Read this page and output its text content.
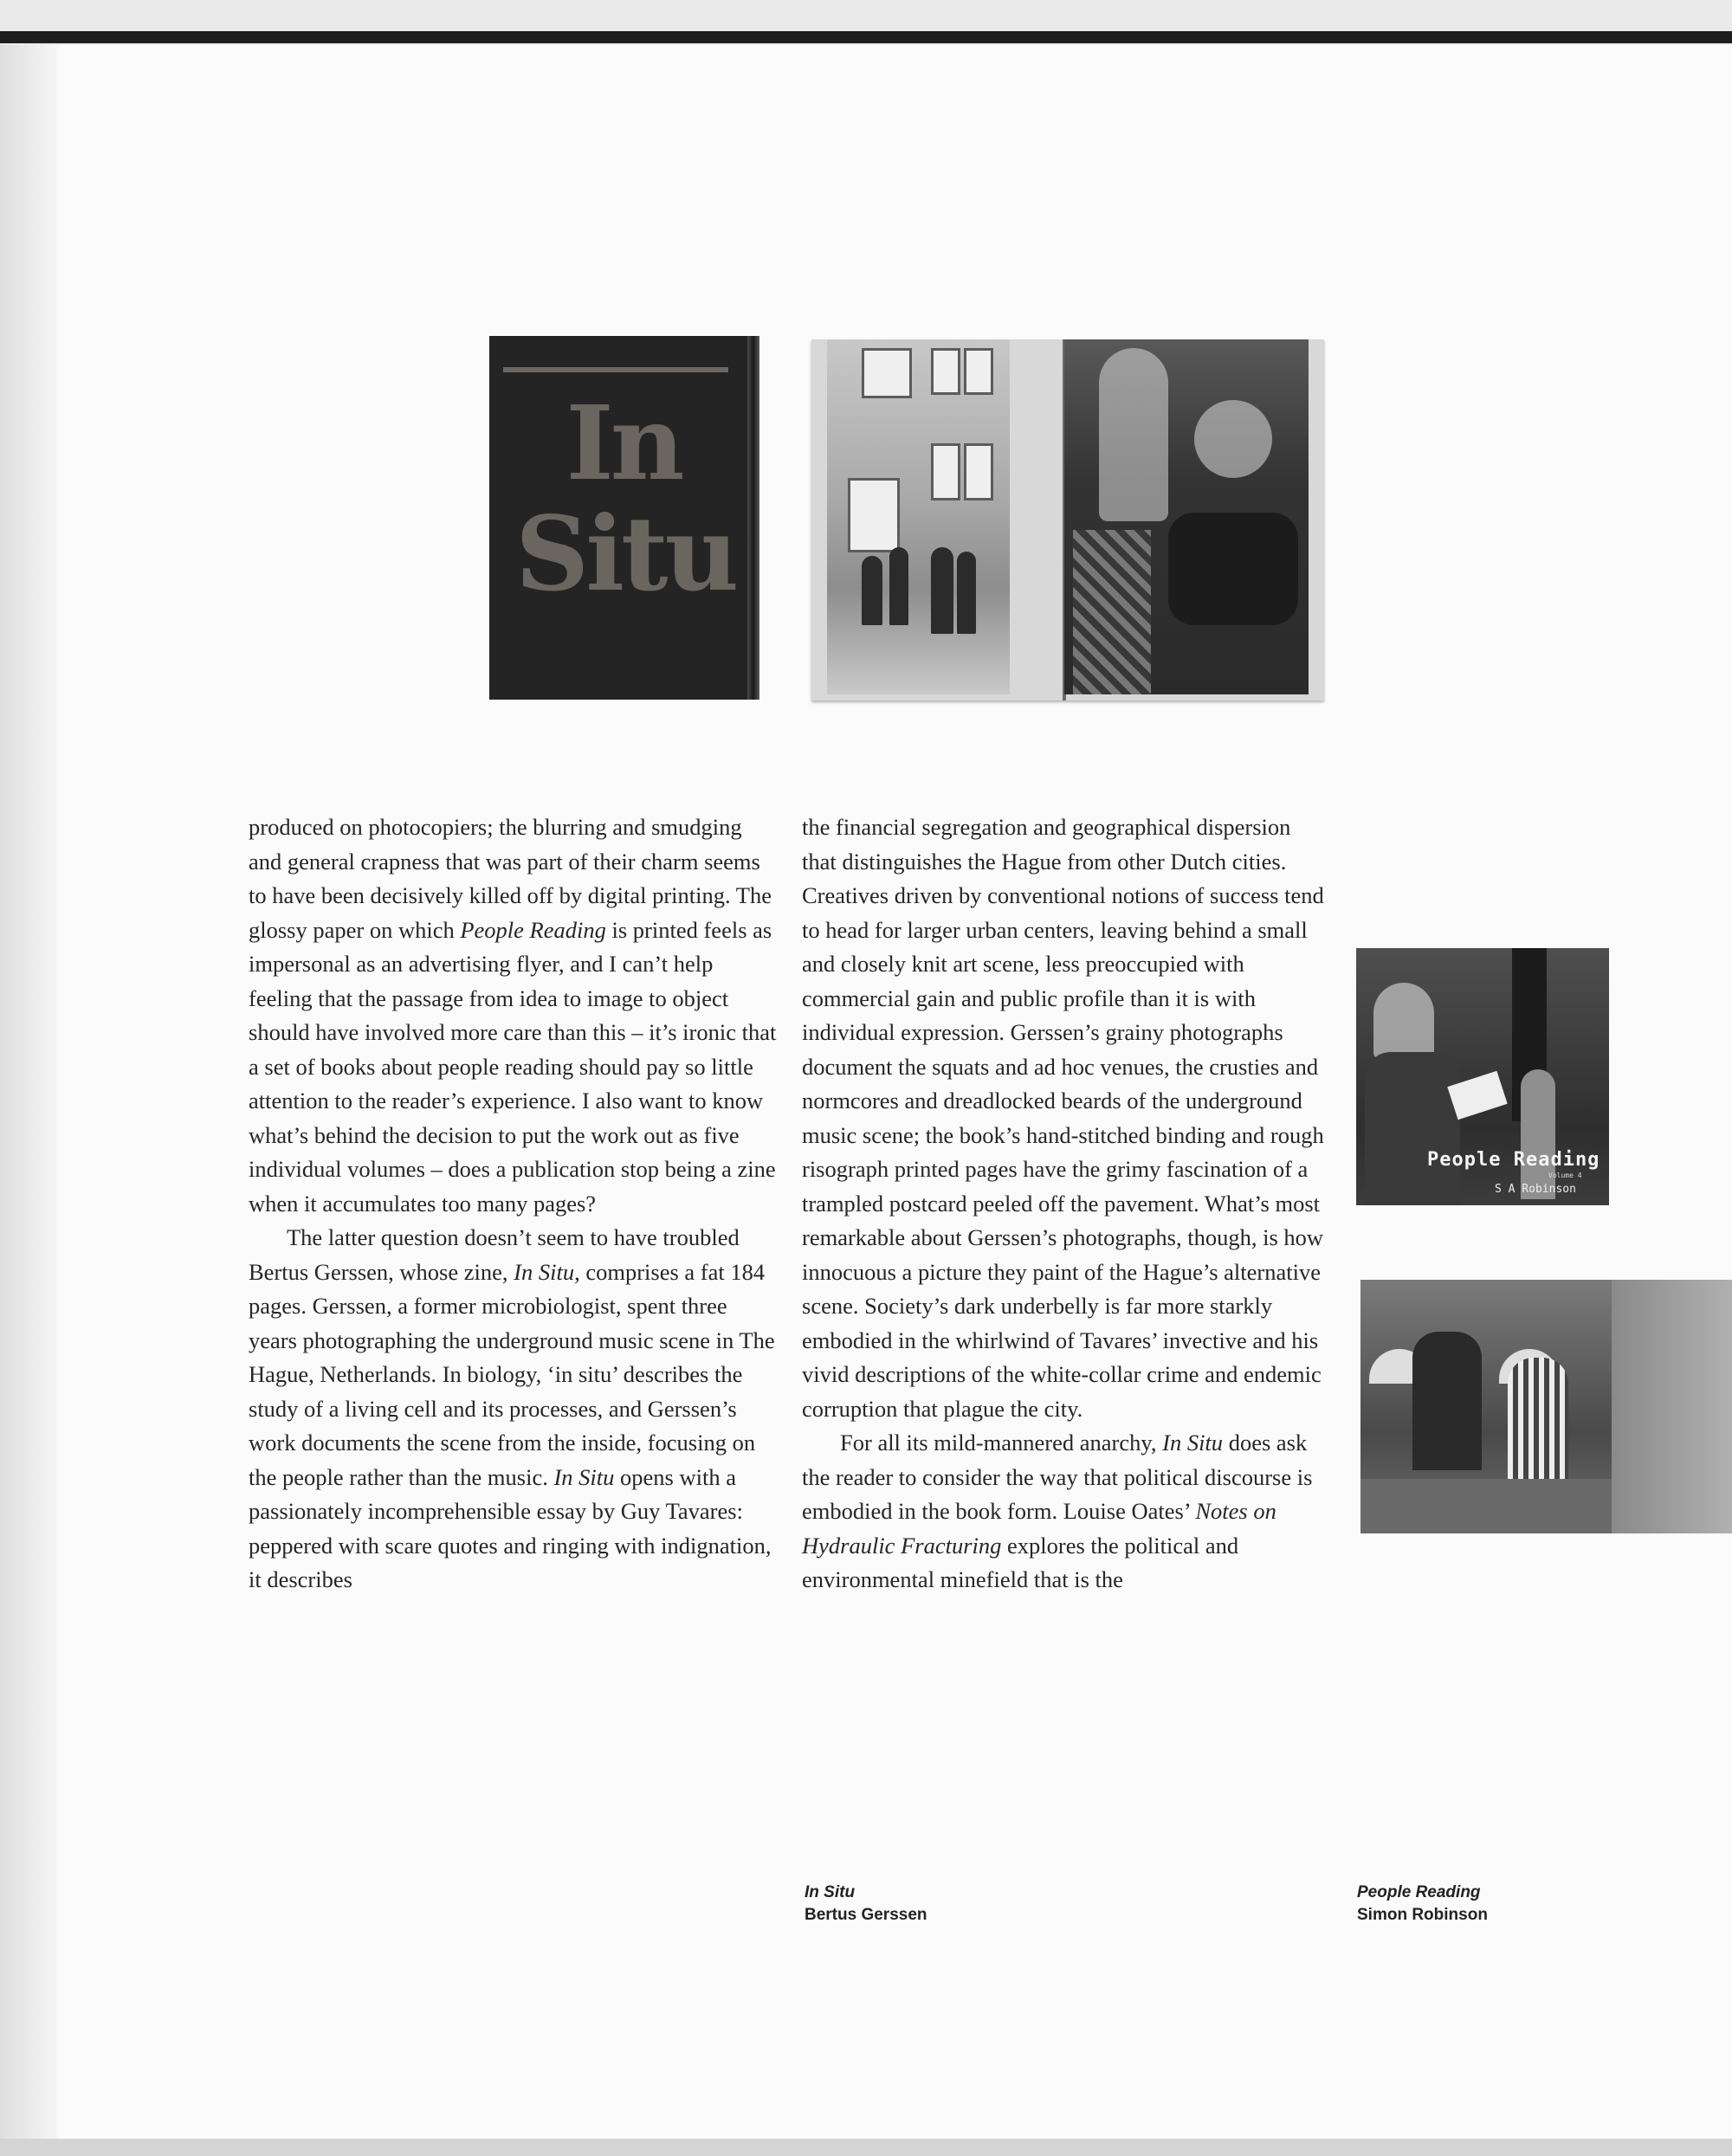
In
Situ
People Reading
Volume 4
S A Robinson

produced on photocopiers; the blurring and smudging and general crapness that was part of their charm seems to have been decisively killed off by digital printing. The glossy paper on which People Reading is printed feels as impersonal as an advertising flyer, and I can’t help feeling that the passage from idea to image to object should have involved more care than this – it’s ironic that a set of books about people reading should pay so little attention to the reader’s experience. I also want to know what’s behind the decision to put the work out as five individual volumes – does a publication stop being a zine when it accumulates too many pages?

The latter question doesn’t seem to have troubled Bertus Gerssen, whose zine, In Situ, comprises a fat 184 pages. Gerssen, a former microbiologist, spent three years photographing the underground music scene in The Hague, Netherlands. In biology, ‘in situ’ describes the study of a living cell and its processes, and Gerssen’s work documents the scene from the inside, focusing on the people rather than the music. In Situ opens with a passionately incomprehensible essay by Guy Tavares: peppered with scare quotes and ringing with indignation, it describes

the financial segregation and geographical dispersion that distinguishes the Hague from other Dutch cities. Creatives driven by conventional notions of success tend to head for larger urban centers, leaving behind a small and closely knit art scene, less preoccupied with commercial gain and public profile than it is with individual expression. Gerssen’s grainy photographs document the squats and ad hoc venues, the crusties and normcores and dreadlocked beards of the underground music scene; the book’s hand-stitched binding and rough risograph printed pages have the grimy fascination of a trampled postcard peeled off the pavement. What’s most remarkable about Gerssen’s photographs, though, is how innocuous a picture they paint of the Hague’s alternative scene. Society’s dark underbelly is far more starkly embodied in the whirlwind of Tavares’ invective and his vivid descriptions of the white-collar crime and endemic corruption that plague the city.

For all its mild-mannered anarchy, In Situ does ask the reader to consider the way that political discourse is embodied in the book form. Louise Oates’ Notes on Hydraulic Fracturing explores the political and environmental minefield that is the

In Situ
Bertus Gerssen
People Reading
Simon Robinson
